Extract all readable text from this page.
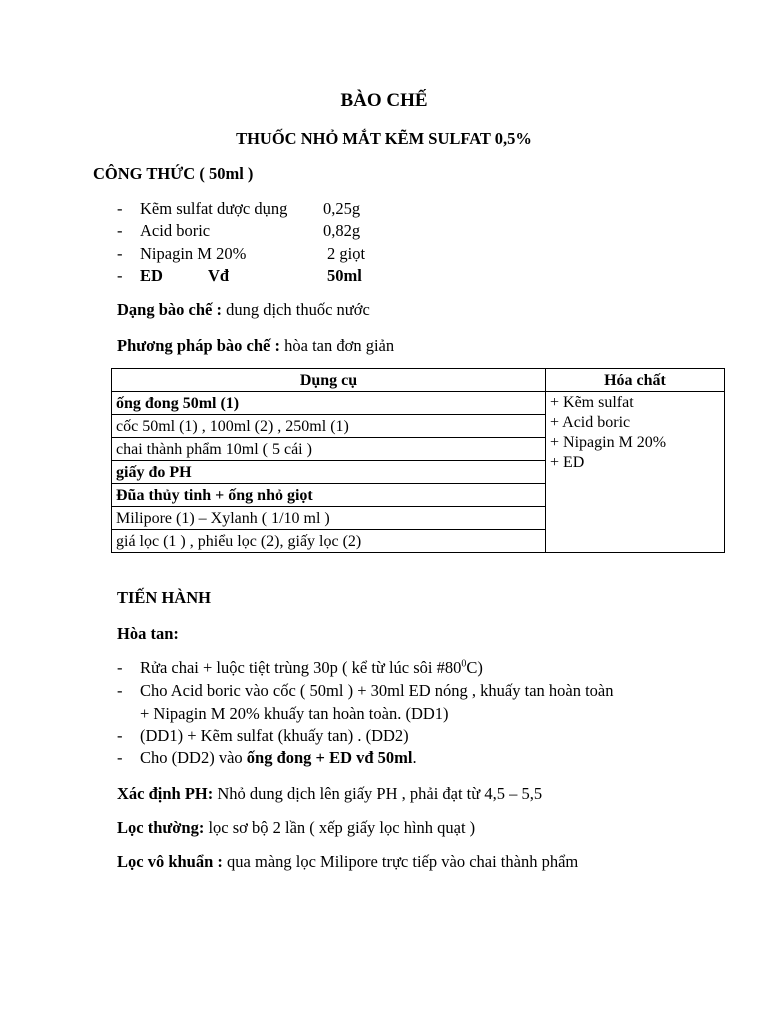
BÀO CHẾ
THUỐC NHỎ MẮT KẼM SULFAT 0,5%
CÔNG THỨC ( 50ml )
- Kẽm sulfat dược dụng 0,25g
- Acid boric	0,82g
- Nipagin M 20%	2 giọt
- ED	Vđ	50ml
Dạng bào chế : dung dịch thuốc nước
Phương pháp bào chế : hòa tan đơn giản
Dụng cụ	Hóa chất
ống đong 50ml (1)	+ Kẽm sulfat
+ Acid boric
+ Nipagin M 20%
+ ED

cốc 50ml (1) , 100ml (2) , 250ml (1)	
chai thành phẩm 10ml ( 5 cái )	
giấy đo PH	
Đũa thủy tinh + ống nhỏ giọt	
Milipore (1) – Xylanh ( 1/10 ml )	
giá lọc (1 ) , phiểu lọc (2), giấy lọc (2)	
TIẾN HÀNH
Hòa tan:
- Rửa chai + luộc tiệt trùng 30p ( kể từ lúc sôi $\#80^0C$)
- Cho Acid boric vào cốc ( 50ml ) + 30ml ED nóng , khuấy tan hoàn toàn
+ Nipagin M 20% khuấy tan hoàn toàn. (DD1)
- (DD1) + Kẽm sulfat (khuấy tan) . (DD2)
- Cho (DD2) vào ống đong + ED vđ 50ml.
Xác định PH: Nhỏ dung dịch lên giấy PH , phải đạt từ 4,5 – 5,5
Lọc thường: lọc sơ bộ 2 lần ( xếp giấy lọc hình quạt )
Lọc vô khuẩn : qua màng lọc Milipore trực tiếp vào chai thành phẩm
